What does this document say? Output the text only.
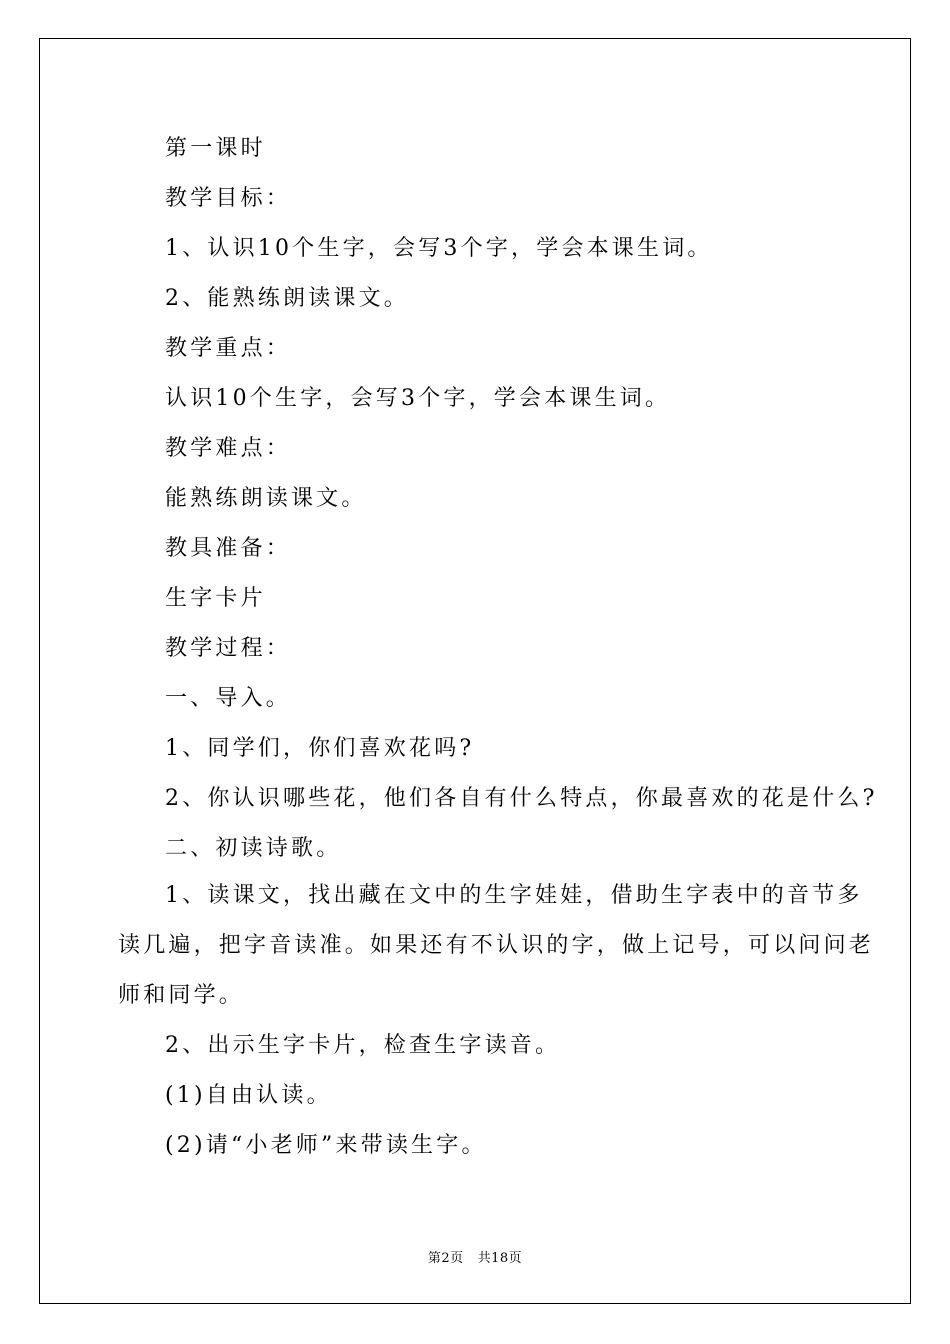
第一课时
教学目标：
1、认识10个生字，会写3个字，学会本课生词。
2、能熟练朗读课文。
教学重点：
认识10个生字，会写3个字，学会本课生词。
教学难点：
能熟练朗读课文。
教具准备：
生字卡片
教学过程：
一、导入。
1、同学们，你们喜欢花吗?
2、你认识哪些花，他们各自有什么特点，你最喜欢的花是什么?
二、初读诗歌。
1、读课文，找出藏在文中的生字娃娃，借助生字表中的音节多
读几遍，把字音读准。如果还有不认识的字，做上记号，可以问问老
师和同学。
2、出示生字卡片，检查生字读音。
(1)自由认读。
(2)请“小老师”来带读生字。
第2页 共18页
